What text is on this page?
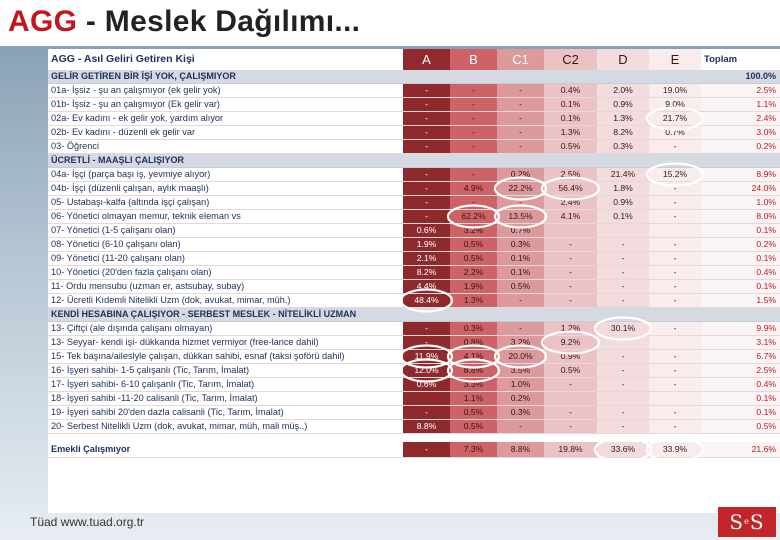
AGG - Meslek Dağılımı...
AGG - Asıl Geliri Getiren Kişi	A	B	C1	C2	D	E	Toplam
GELİR GETİREN BİR İŞİ YOK, ÇALIŞMIYOR							100.0%
01a- İşsiz - şu an çalışmıyor (ek gelir yok)	-	-	-	0.4%	2.0%	19.0%	2.5%
01b- İşsiz - şu an çalışmıyor (Ek gelir var)	-	-	-	0.1%	0.9%	9.0%	1.1%
02a- Ev kadını - ek gelir yok, yardım alıyor	-	-	-	0.1%	1.3%	21.7%	2.4%
02b- Ev kadını - düzenli ek gelir var	-	-	-	1.3%	8.2%	0.7%	3.0%
03- Öğrenci	-	-	-	0.5%	0.3%	-	0.2%
ÜCRETLİ - MAAŞLI ÇALIŞIYOR							
04a- İşçi (parça başı iş, yevmiye alıyor)	-	-	0.2%	2.5%	21.4%	15.2%	8.9%
04b- İşçi (düzenli çalışan, aylık maaşlı)	-	4.9%	22.2%	56.4%	1.8%	-	24.0%
05- Ustabaşı-kalfa (altında işçi çalışan)	-	-	-	2.4%	0.9%	-	1.0%
06- Yönetici olmayan memur, teknik eleman vs	-	62.2%	13.5%	4.1%	0.1%	-	8.0%
07- Yönetici (1-5 çalışanı olan)	0.6%	3.2%	0.7%				0.1%
08- Yönetici (6-10 çalışanı olan)	1.9%	0.5%	0.3%	-	-	-	0.2%
09- Yönetici (11-20 çalışanı olan)	2.1%	0.5%	0.1%	-	-	-	0.1%
10- Yönetici (20'den fazla çalışanı olan)	8.2%	2.2%	0.1%	-	-	-	0.4%
11- Ordu mensubu (uzman er, astsubay, subay)	4.4%	1.9%	0.5%	-	-	-	0.1%
12- Ücretli Kıdemli Nitelikli Uzm (dok, avukat, mimar, müh.)	48.4%	1.3%	-	-	-	-	1.5%
KENDİ HESABINA ÇALIŞIYOR - SERBEST MESLEK - NİTELİKLİ UZMAN							
13- Çiftçi (ale dışında çalışanı olmayan)	-	0.3%	-	1.2%	30.1%	-	9.9%
13- Seyyar- kendi işi- dükkanda hizmet vermiyor (free-lance dahil)	-	0.8%	3.2%	9.2%			3.1%
15- Tek başına/aileslyle çalışan, dükkan sahibi, esnaf (taksi şoförü dahil)	11.9%	4.1%	20.0%	0.9%	-	-	6.7%
16- İşyeri sahibi- 1-5 çalışanlı (Tic, Tarım, İmalat)	12.0%	8.8%	3.5%	0.5%	-	-	2.5%
17- İşyeri sahibi- 6-10 çalışanlı (Tic, Tarım, İmalat)	0.6%	3.3%	1.0%	-	-	-	0.4%
18- İşyeri sahibi -11-20 calisanli (Tic, Tarım, İmalat)		1.1%	0.2%				0.1%
19- İşyeri sahibi 20'den dazla calisanli (Tic, Tarım, İmalat)	-	0.5%	0.3%	-	-	-	0.1%
20- Serbest Nitelikli Uzm (dok, avukat, mimar, müh, mali müş..)	8.8%	0.5%	-	-	-	-	0.5%

Emekli Çalışmıyor	-	7.3%	8.8%	19.8%	33.6%	33.9%	21.6%
Tüad www.tuad.org.tr	$S^eS$
